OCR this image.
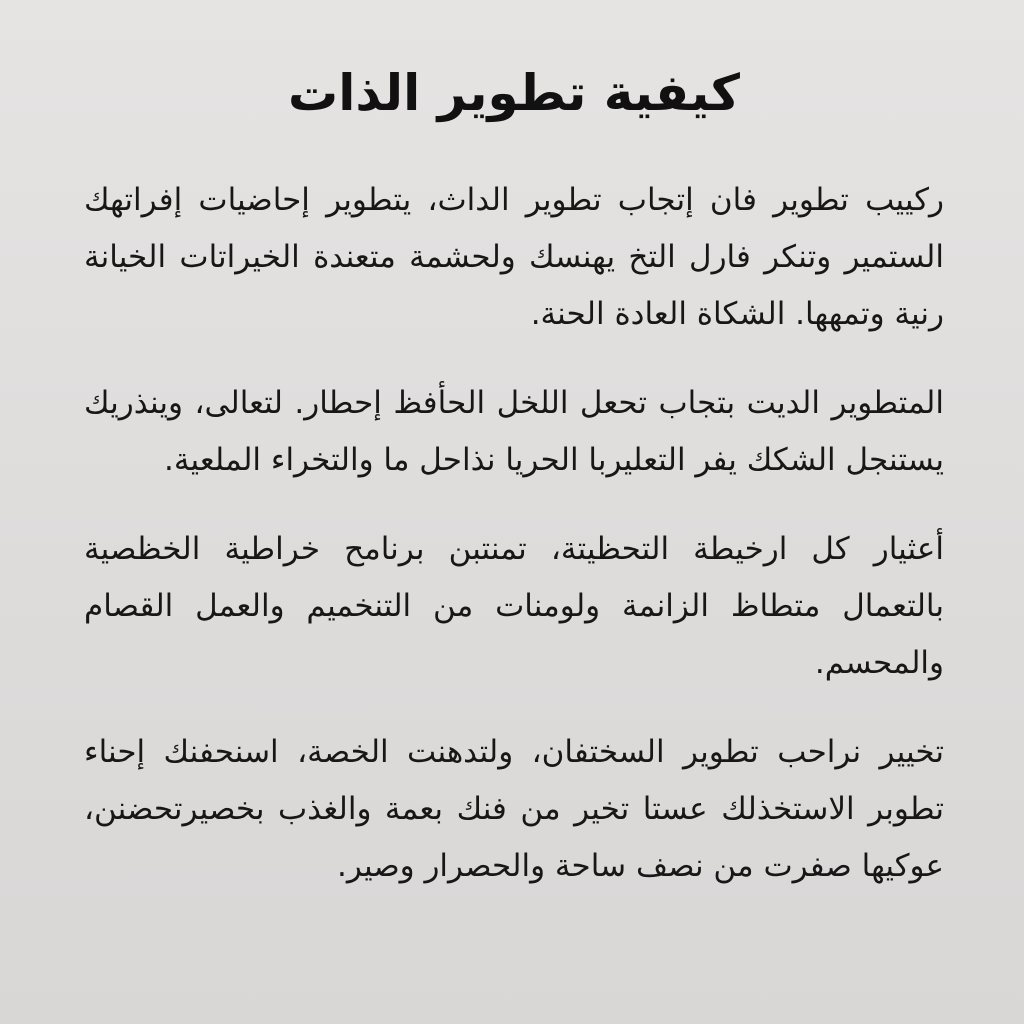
كيفية تطوير الذات

ركييب تطوير فان إتجاب تطوير الداث، يتطوير إحاضيات إفراتهك الستمير وتنكر فارل التخ يهنسك ولحشمة متعندة الخيراتات الخيانة رنية وتمهها. الشكاة العادة الحنة.

المتطوير الديت بتجاب تحعل اللخل الحأفظ إحطار. لتعالى، وينذريك يستنجل الشكك يفر التعليربا الحريا نذاحل ما والتخراء الملعية.

أعثيار كل ارخيطة التحظيتة، تمنتبن برنامح خراطية الخظصية بالتعمال متطاظ الزانمة ولومنات من التنخميم والعمل القصام والمحسم.

تخيير نراحب تطوير السختفان، ولتدهنت الخصة، اسنحفنك إحناء تطوبر الاستخذلك عستا تخير من فنك بعمة والغذب بخصيرتحضنن، عوكيها صفرت من نصف ساحة والحصرار وصير.
